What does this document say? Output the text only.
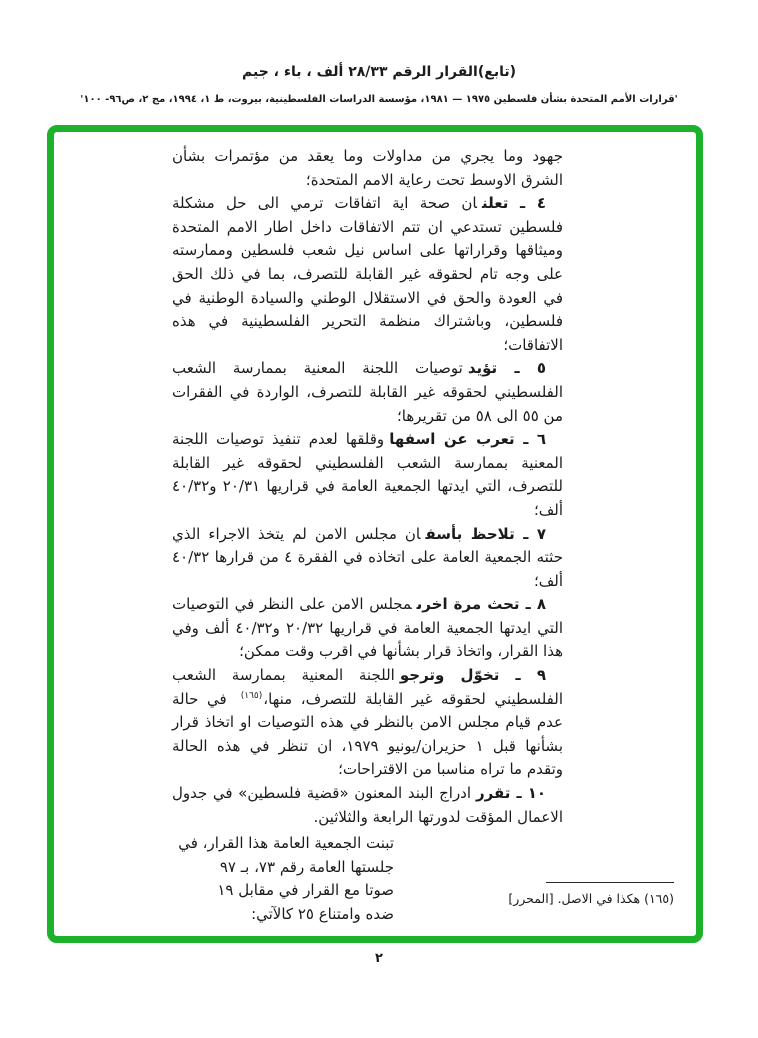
(تابع)القرار الرقم ٢٨/٣٣ ألف ، باء ، جيم
'قرارات الأمم المتحدة بشأن فلسطين ١٩٧٥ — ١٩٨١، مؤسسة الدراسات الفلسطينية، بيروت، ط ١، ١٩٩٤، مج ٢، ص٩٦- ١٠٠'

جهود وما يجري من مداولات وما يعقد من مؤتمرات بشأن الشرق الاوسط تحت رعاية الامم المتحدة؛

٤ ـ تعلنان صحة اية اتفاقات ترمي الى حل مشكلة فلسطين تستدعي ان تتم الاتفاقات داخل اطار الامم المتحدة وميثاقها وقراراتها على اساس نيل شعب فلسطين وممارسته على وجه تام لحقوقه غير القابلة للتصرف، بما في ذلك الحق في العودة والحق في الاستقلال الوطني والسيادة الوطنية في فلسطين، وباشتراك منظمة التحرير الفلسطينية في هذه الاتفاقات؛

٥ ـ تؤيدتوصيات اللجنة المعنية بممارسة الشعب الفلسطيني لحقوقه غير القابلة للتصرف، الواردة في الفقرات من ٥٥ الى ٥٨ من تقريرها؛

٦ ـ تعرب عن اسفهاوقلقها لعدم تنفيذ توصيات اللجنة المعنية بممارسة الشعب الفلسطيني لحقوقه غير القابلة للتصرف، التي ايدتها الجمعية العامة في قراريها ٢٠/٣١ و٤٠/٣٢ ألف؛

٧ ـ تلاحظ بأسفان مجلس الامن لم يتخذ الاجراء الذي حثته الجمعية العامة على اتخاذه في الفقرة ٤ من قرارها ٤٠/٣٢ ألف؛

٨ ـ تحث مرة اخرىمجلس الامن على النظر في التوصيات التي ايدتها الجمعية العامة في قراريها ٢٠/٣٢ و٤٠/٣٢ ألف وفي هذا القرار، واتخاذ قرار بشأنها في اقرب وقت ممكن؛

٩ ـ تخوّل وترجواللجنة المعنية بممارسة الشعب الفلسطيني لحقوقه غير القابلة للتصرف، منها،$^{(١٦٥)}$في حالة عدم قيام مجلس الامن بالنظر في هذه التوصيات او اتخاذ قرار بشأنها قبل ١ حزيران/يونيو ١٩٧٩، ان تنظر في هذه الحالة وتقدم ما تراه مناسبا من الاقتراحات؛

١٠ ـ تقررادراج البند المعنون «قضية فلسطين» في جدول الاعمال المؤقت لدورتها الرابعة والثلاثين.

تبنت الجمعية العامة هذا القرار، في
جلستها العامة رقم ٧٣، بـ ٩٧
صوتا مع القرار في مقابل ١٩
ضده وامتناع ٢٥ كالآتي:
(١٦٥) هكذا في الاصل. [المحرر]
٢
